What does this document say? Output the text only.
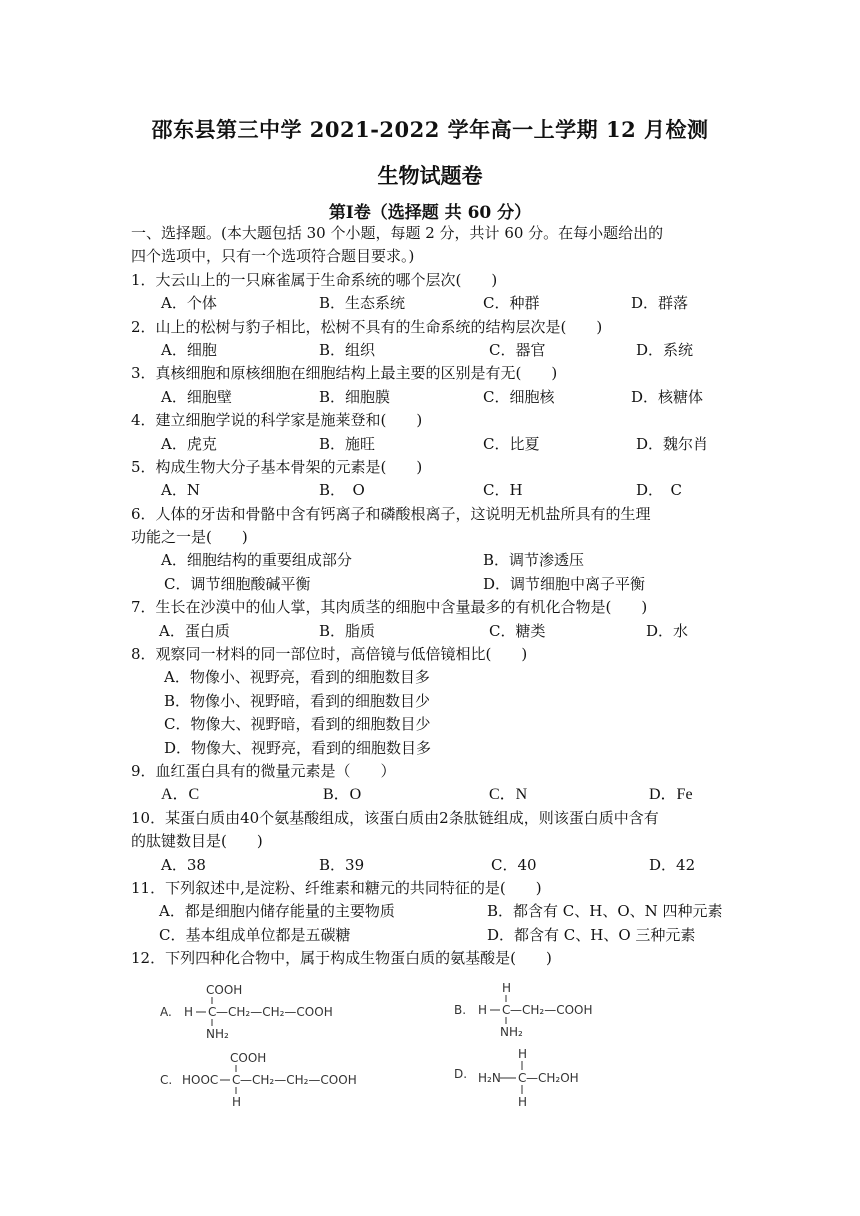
邵东县第三中学 2021-2022 学年高一上学期 12 月检测
生物试题卷
第Ⅰ卷（选择题 共 60 分）
一、选择题。(本大题包括 30 个小题，每题 2 分，共计 60 分。在每小题给出的
四个选项中，只有一个选项符合题目要求。)
1．大云山上的一只麻雀属于生命系统的哪个层次(　　)
A．个体	B．生态系统	C．种群	D．群落
2．山上的松树与豹子相比，松树不具有的生命系统的结构层次是(　　)
A．细胞	B．组织	C．器官	D．系统
3．真核细胞和原核细胞在细胞结构上最主要的区别是有无(　　)
A．细胞壁	B．细胞膜	C．细胞核	D．核糖体
4．建立细胞学说的科学家是施莱登和(　　)
A．虎克	B．施旺	C．比夏	D．魏尔肖
5．构成生物大分子基本骨架的元素是(　　)
A．N	B．　O	C．H	D．　C
6．人体的牙齿和骨骼中含有钙离子和磷酸根离子，这说明无机盐所具有的生理
功能之一是(　　)
A．细胞结构的重要组成部分	B．调节渗透压
C．调节细胞酸碱平衡	D．调节细胞中离子平衡
7．生长在沙漠中的仙人掌，其肉质茎的细胞中含量最多的有机化合物是(　　)
A．蛋白质	B．脂质	C．糖类	D．水
8．观察同一材料的同一部位时，高倍镜与低倍镜相比(　　)
A．物像小、视野亮，看到的细胞数目多
B．物像小、视野暗，看到的细胞数目少
C．物像大、视野暗，看到的细胞数目少
D．物像大、视野亮，看到的细胞数目多
9．血红蛋白具有的微量元素是（　　）
A．C	B．O	C．N	D．Fe
10．某蛋白质由40个氨基酸组成，该蛋白质由2条肽链组成，则该蛋白质中含有
的肽键数目是(　　)
A．38	B．39	C．40	D．42
11．下列叙述中,是淀粉、纤维素和糖元的共同特征的是(　　)
A．都是细胞内储存能量的主要物质	B．都含有 C、H、O、N 四种元素
C．基本组成单位都是五碳糖	D．都含有 C、H、O 三种元素
12．下列四种化合物中，属于构成生物蛋白质的氨基酸是(　　)
A. H
COOH
C
NH₂
—CH₂—CH₂—COOH	B. H
H
C
NH₂
—CH₂—COOH
C. HOOC
COOH
C
H
—CH₂—CH₂—COOH	D. H₂N
H
C
H
—CH₂OH
